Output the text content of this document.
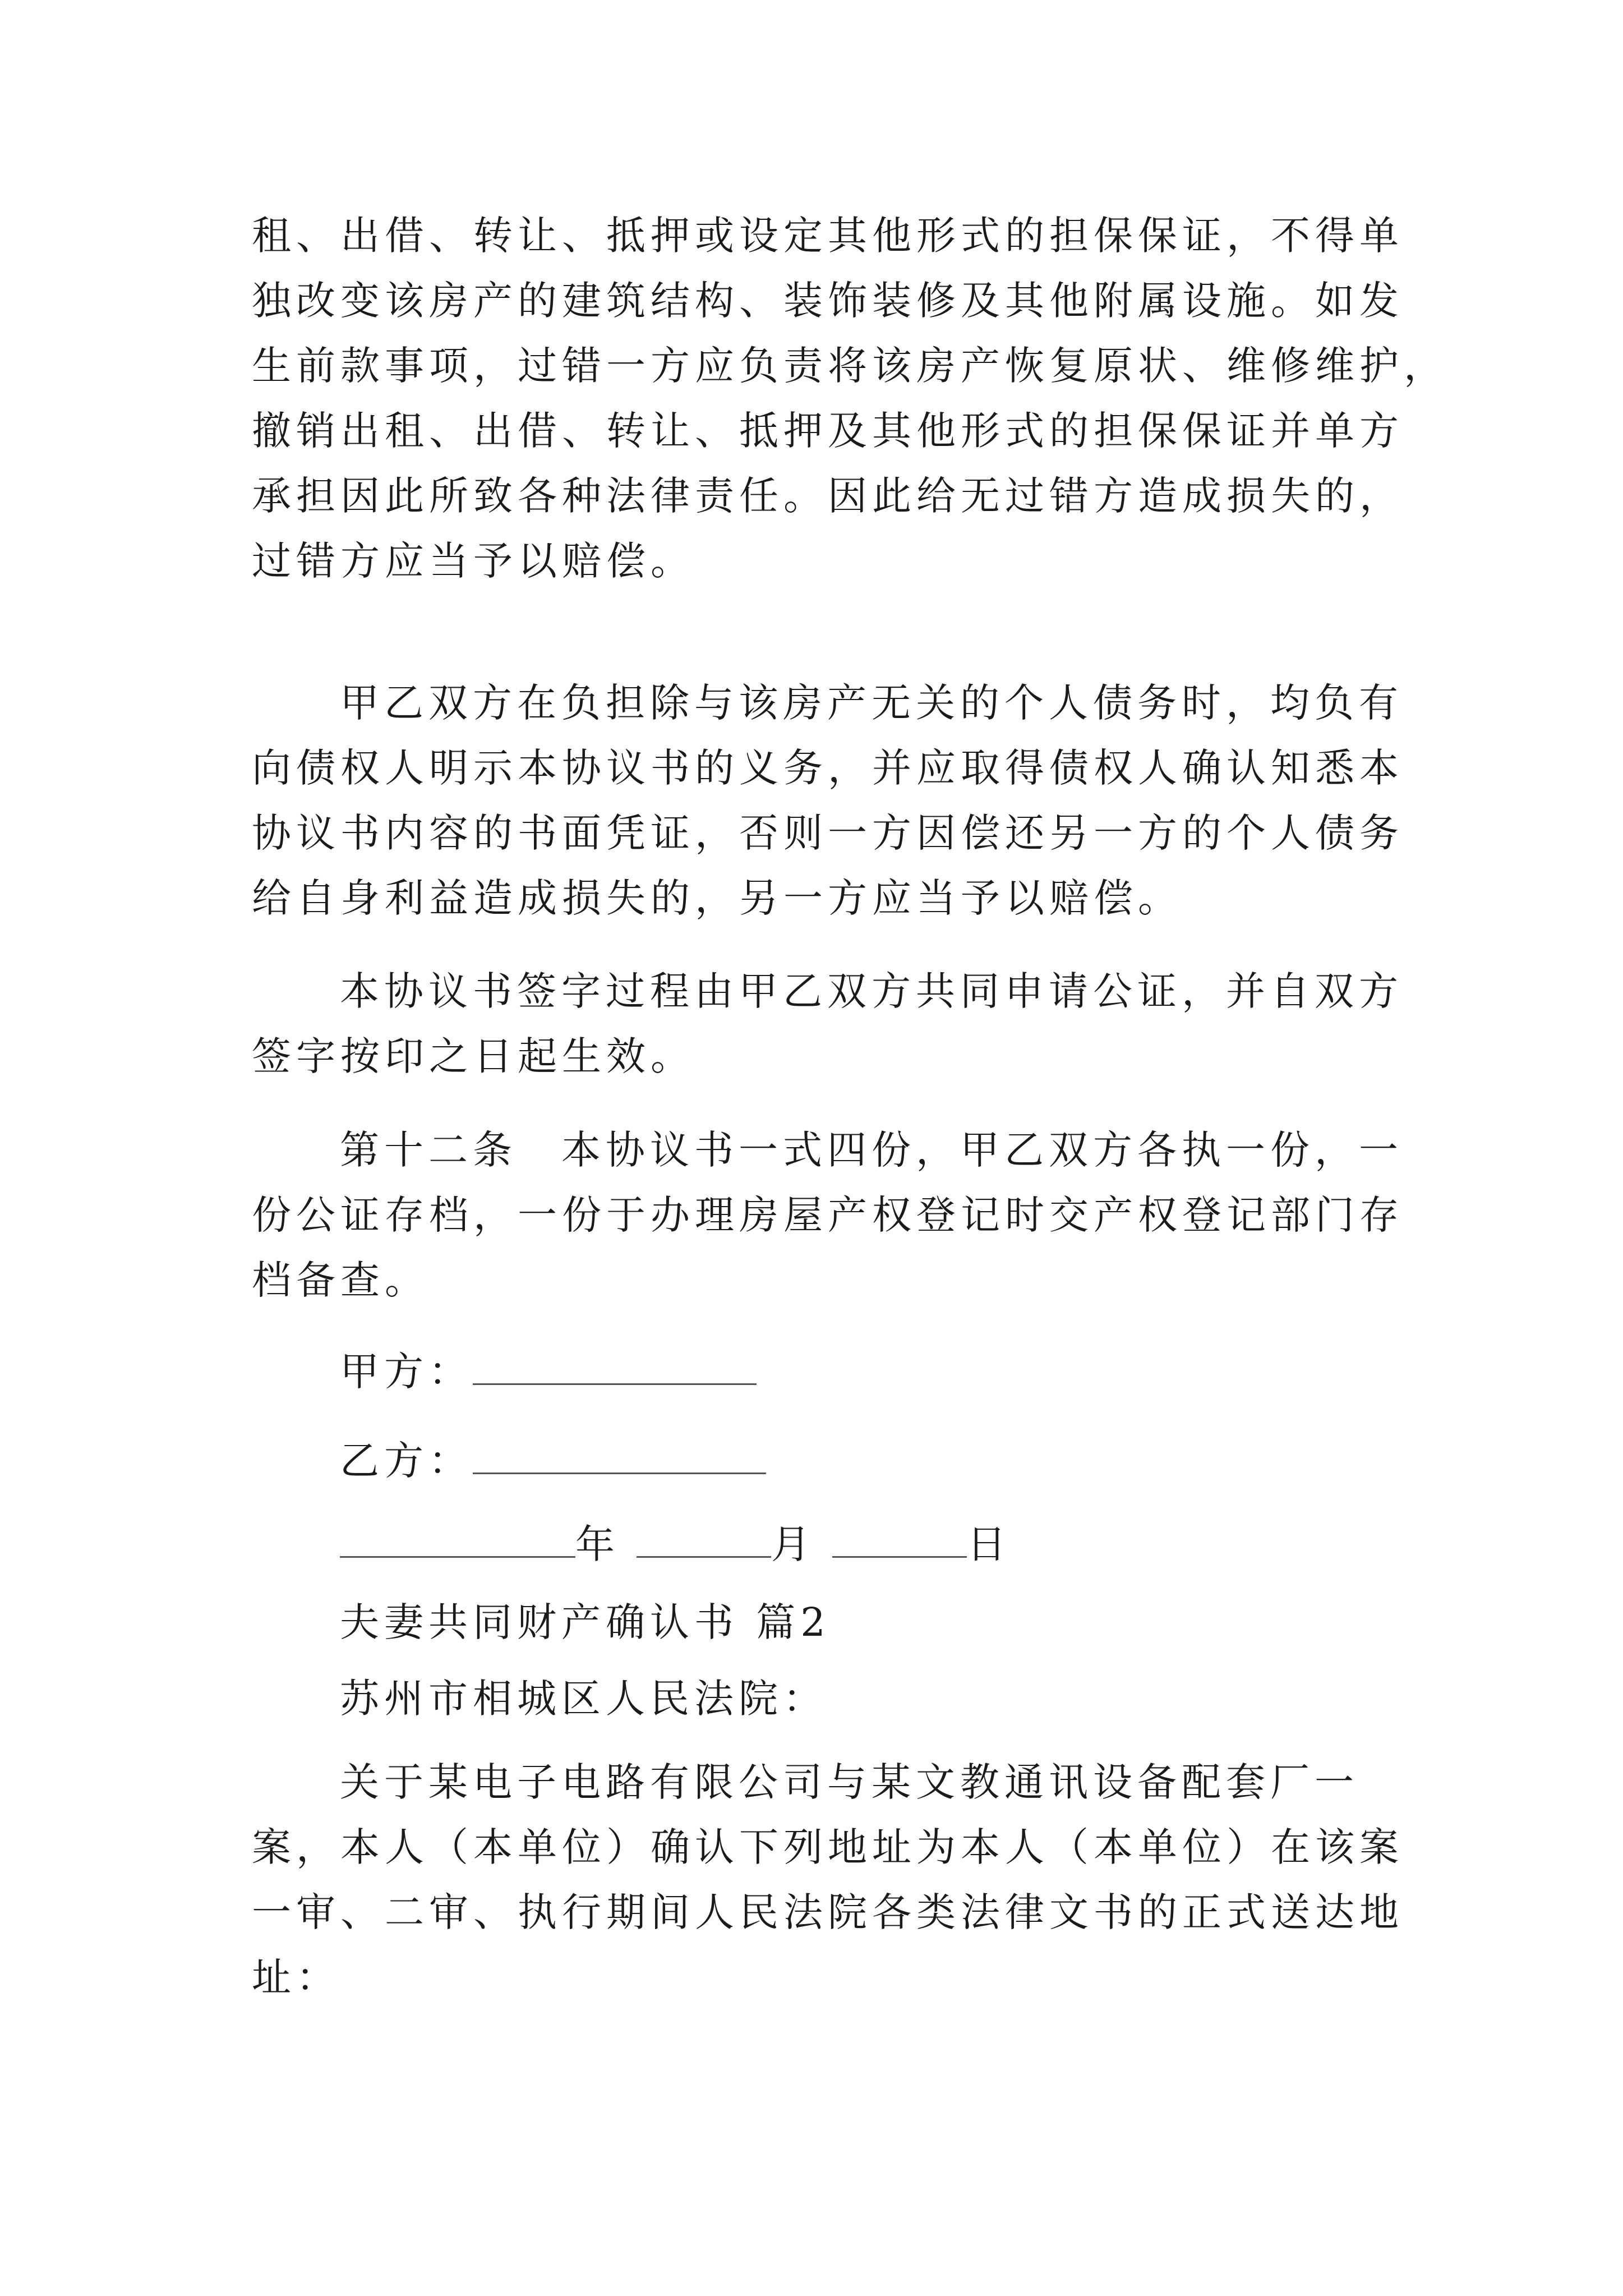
租、出借、转让、抵押或设定其他形式的担保保证，不得单
独改变该房产的建筑结构、装饰装修及其他附属设施。如发
生前款事项，过错一方应负责将该房产恢复原状、维修维护，
撤销出租、出借、转让、抵押及其他形式的担保保证并单方
承担因此所致各种法律责任。因此给无过错方造成损失的，
过错方应当予以赔偿。
甲乙双方在负担除与该房产无关的个人债务时，均负有
向债权人明示本协议书的义务，并应取得债权人确认知悉本
协议书内容的书面凭证，否则一方因偿还另一方的个人债务
给自身利益造成损失的，另一方应当予以赔偿。
本协议书签字过程由甲乙双方共同申请公证，并自双方
签字按印之日起生效。
第十二条　本协议书一式四份，甲乙双方各执一份，一
份公证存档，一份于办理房屋产权登记时交产权登记部门存
档备查。
甲方：
乙方：
年	月	日
夫妻共同财产确认书 篇2
苏州市相城区人民法院：
关于某电子电路有限公司与某文教通讯设备配套厂一
案，本人（本单位）确认下列地址为本人（本单位）在该案
一审、二审、执行期间人民法院各类法律文书的正式送达地
址：
